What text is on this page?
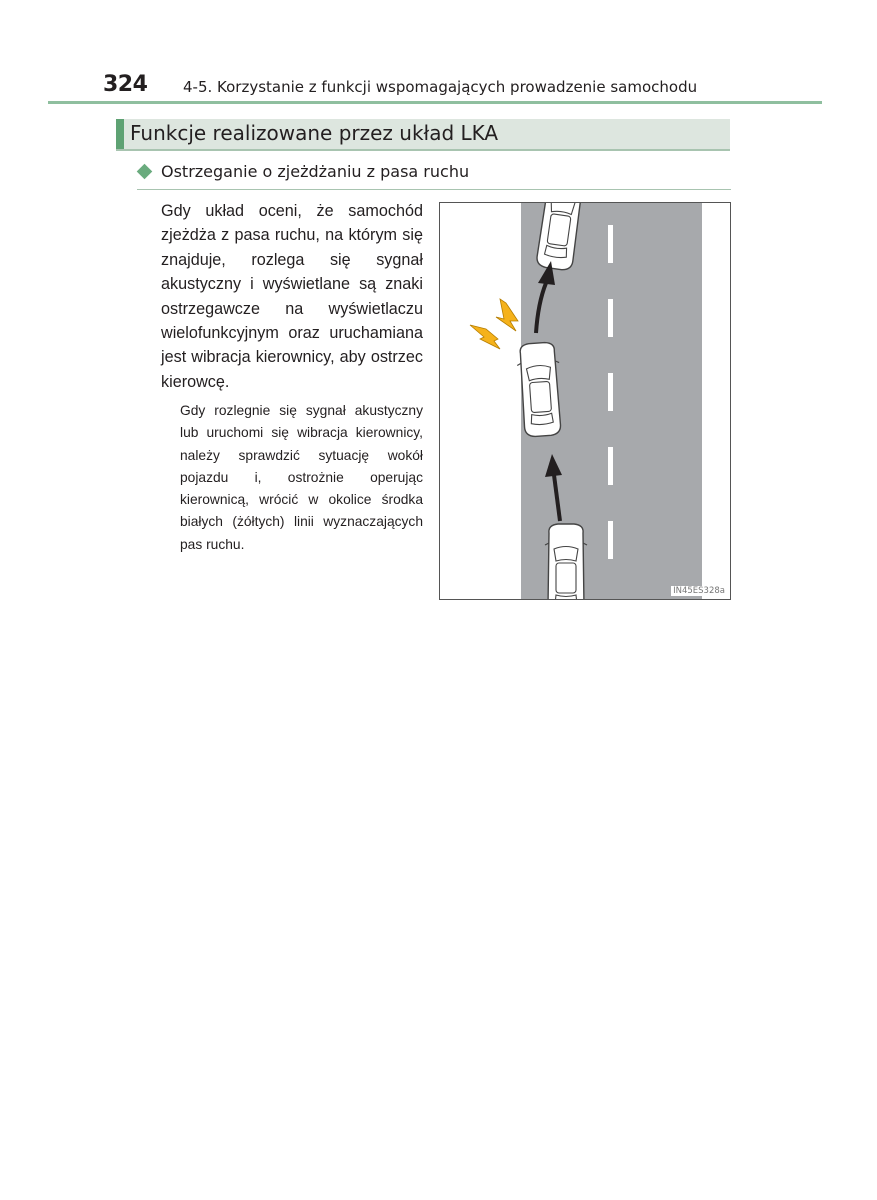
324 4-5. Korzystanie z funkcji wspomagających prowadzenie samochodu
Funkcje realizowane przez układ LKA
Ostrzeganie o zjeżdżaniu z pasa ruchu
Gdy układ oceni, że samochód zjeżdża z pasa ruchu, na którym się znajduje, rozlega się sygnał akustyczny i wyświetlane są znaki ostrzegawcze na wyświetlaczu wielofunkcyjnym oraz uruchamiana jest wibracja kierownicy, aby ostrzec kierowcę.
Gdy rozlegnie się sygnał akustyczny lub uruchomi się wibracja kierownicy, należy sprawdzić sytuację wokół pojazdu i, ostrożnie operując kierownicą, wrócić w okolice środka białych (żółtych) linii wyznaczających pas ruchu.
IN45ES328a
